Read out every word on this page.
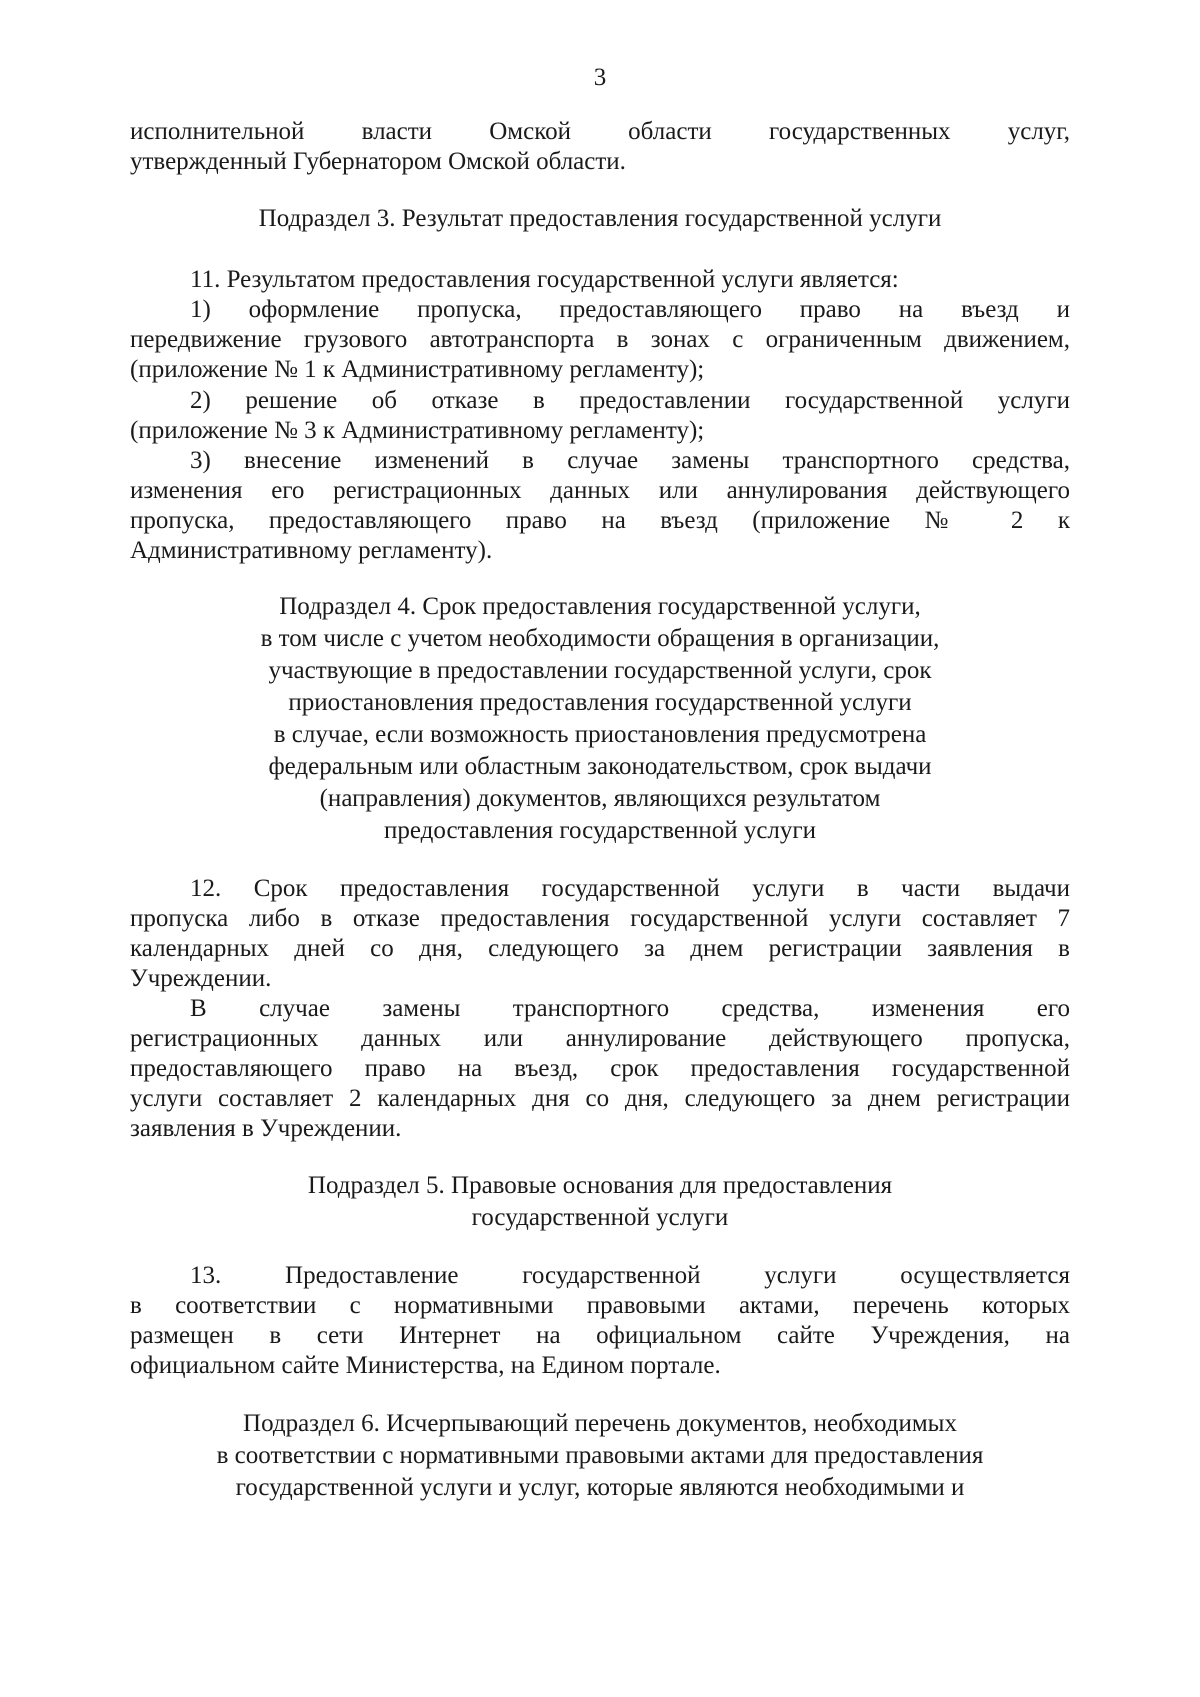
3
исполнительной власти Омской области государственных услуг,
утвержденный Губернатором Омской области.
Подраздел 3. Результат предоставления государственной услуги
11. Результатом предоставления государственной услуги является:
1) оформление пропуска, предоставляющего право на въезд и
передвижение грузового автотранспорта в зонах с ограниченным движением,
(приложение № 1 к Административному регламенту);
2) решение об отказе в предоставлении государственной услуги
(приложение № 3 к Административному регламенту);
3) внесение изменений в случае замены транспортного средства,
изменения его регистрационных данных или аннулирования действующего
пропуска, предоставляющего право на въезд (приложение № 2 к
Административному регламенту).
Подраздел 4. Срок предоставления государственной услуги,
в том числе с учетом необходимости обращения в организации,
участвующие в предоставлении государственной услуги, срок
приостановления предоставления государственной услуги
в случае, если возможность приостановления предусмотрена
федеральным или областным законодательством, срок выдачи
(направления) документов, являющихся результатом
предоставления государственной услуги
12. Срок предоставления государственной услуги в части выдачи
пропуска либо в отказе предоставления государственной услуги составляет 7
календарных дней со дня, следующего за днем регистрации заявления в
Учреждении.
В случае замены транспортного средства, изменения его
регистрационных данных или аннулирование действующего пропуска,
предоставляющего право на въезд, срок предоставления государственной
услуги составляет 2 календарных дня со дня, следующего за днем регистрации
заявления в Учреждении.
Подраздел 5. Правовые основания для предоставления
государственной услуги
13. Предоставление государственной услуги осуществляется
в соответствии с нормативными правовыми актами, перечень которых
размещен в сети Интернет на официальном сайте Учреждения, на
официальном сайте Министерства, на Едином портале.
Подраздел 6. Исчерпывающий перечень документов, необходимых
в соответствии с нормативными правовыми актами для предоставления
государственной услуги и услуг, которые являются необходимыми и
